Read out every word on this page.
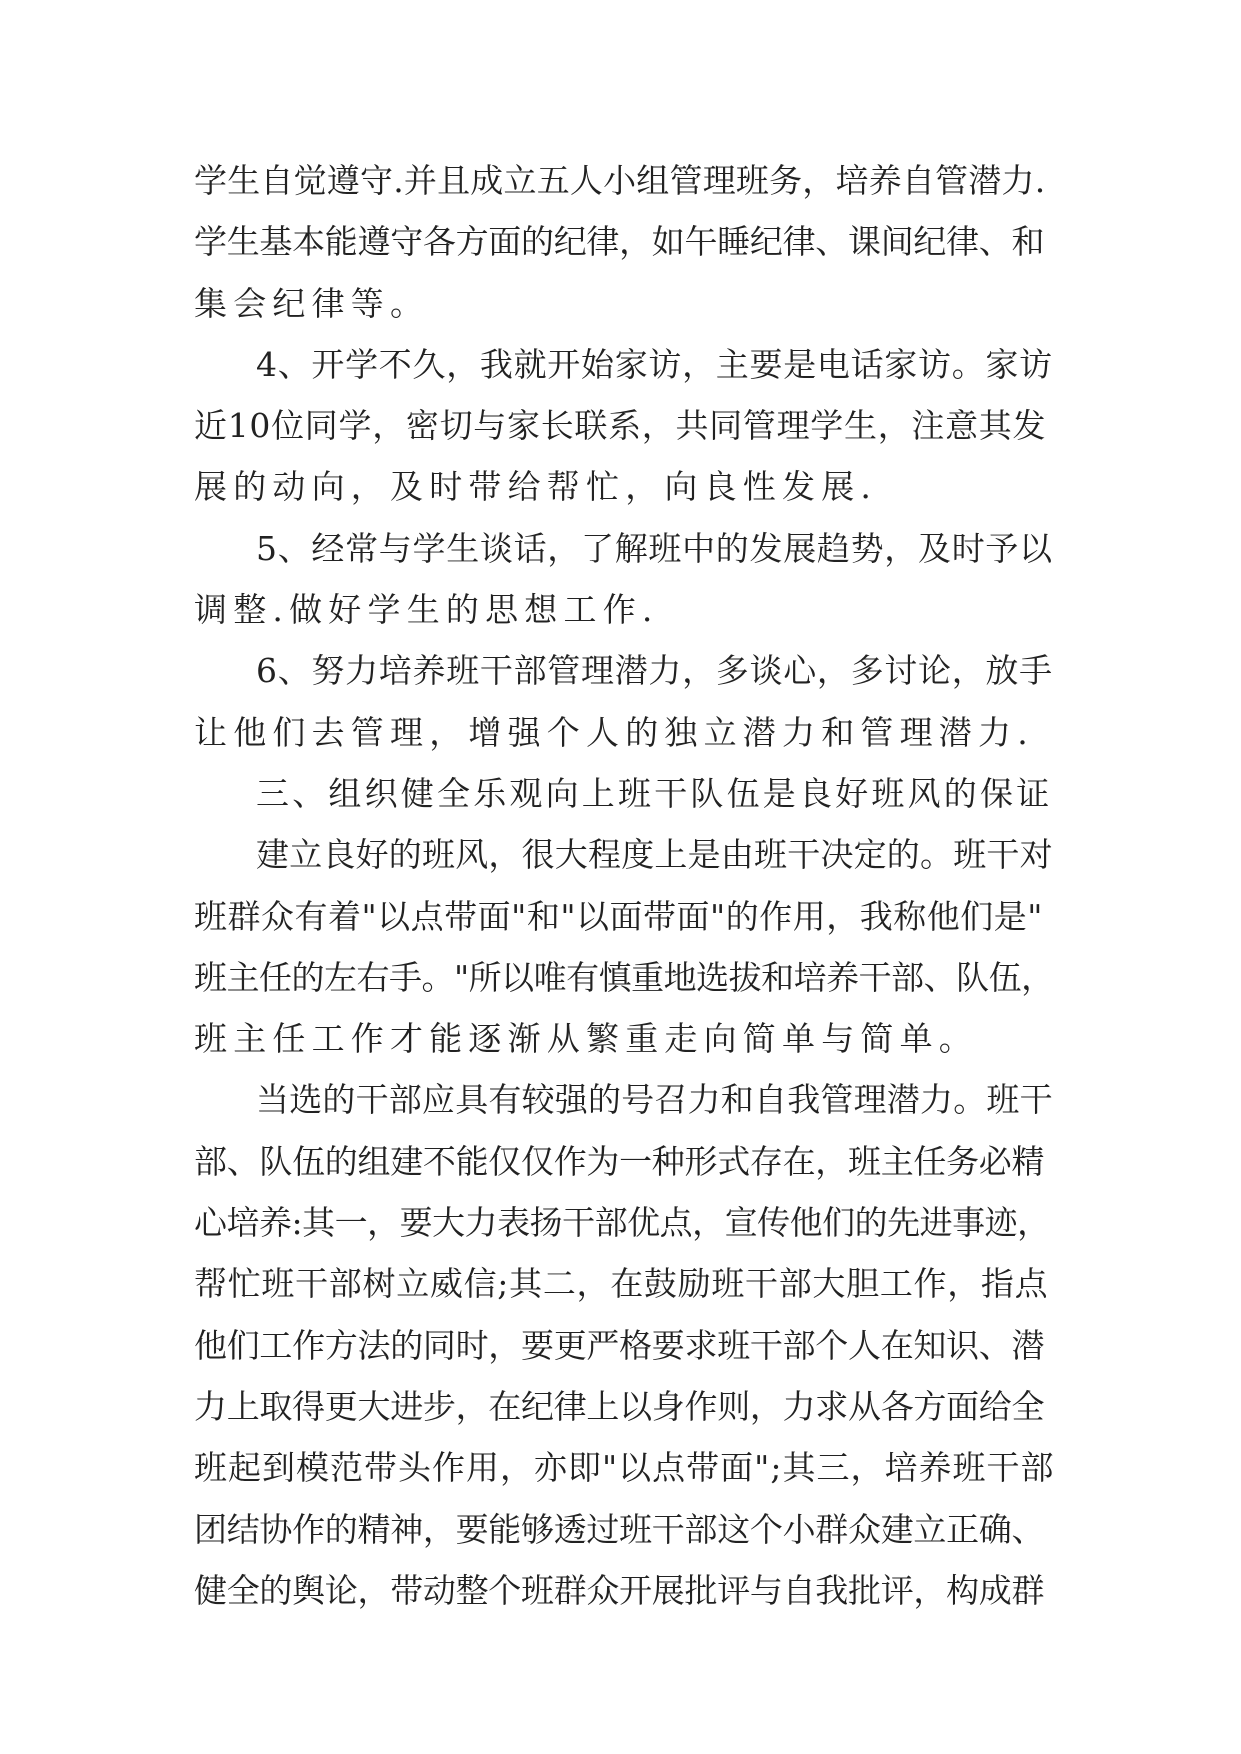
学生自觉遵守.并且成立五人小组管理班务，培养自管潜力.
学生基本能遵守各方面的纪律，如午睡纪律、课间纪律、和
集会纪律等。
4、开学不久，我就开始家访，主要是电话家访。家访
近10位同学，密切与家长联系，共同管理学生，注意其发
展的动向，及时带给帮忙，向良性发展.
5、经常与学生谈话，了解班中的发展趋势，及时予以
调整.做好学生的思想工作.
6、努力培养班干部管理潜力，多谈心，多讨论，放手
让他们去管理，增强个人的独立潜力和管理潜力.
三、组织健全乐观向上班干队伍是良好班风的保证
建立良好的班风，很大程度上是由班干决定的。班干对
班群众有着"以点带面"和"以面带面"的作用，我称他们是"
班主任的左右手。"所以唯有慎重地选拔和培养干部、队伍，
班主任工作才能逐渐从繁重走向简单与简单。
当选的干部应具有较强的号召力和自我管理潜力。班干
部、队伍的组建不能仅仅作为一种形式存在，班主任务必精
心培养:其一，要大力表扬干部优点，宣传他们的先进事迹，
帮忙班干部树立威信;其二，在鼓励班干部大胆工作，指点
他们工作方法的同时，要更严格要求班干部个人在知识、潜
力上取得更大进步，在纪律上以身作则，力求从各方面给全
班起到模范带头作用，亦即"以点带面";其三，培养班干部
团结协作的精神，要能够透过班干部这个小群众建立正确、
健全的舆论，带动整个班群众开展批评与自我批评，构成群
